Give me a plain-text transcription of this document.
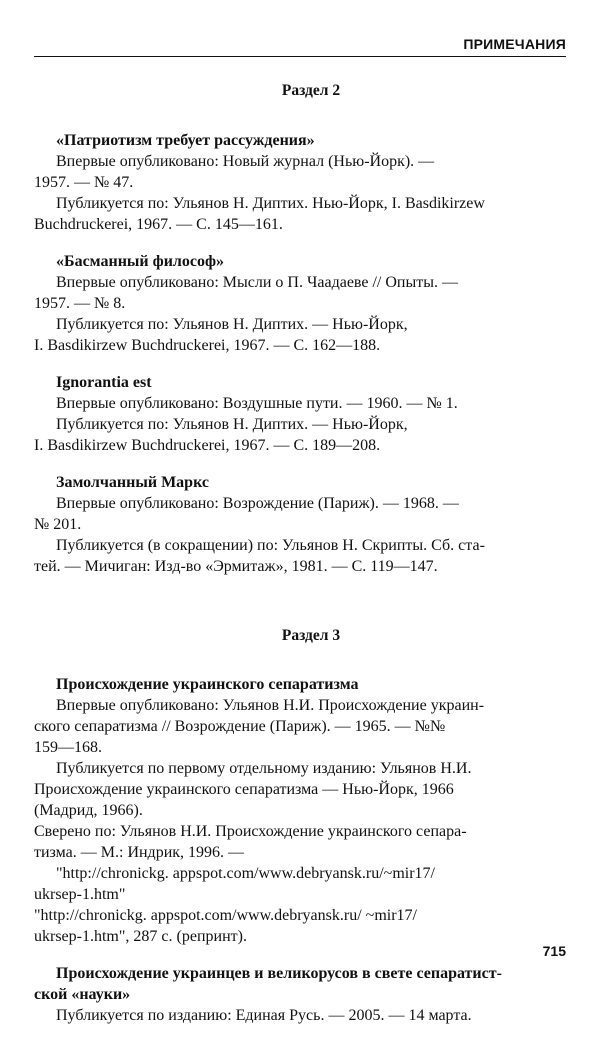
ПРИМЕЧАНИЯ
Раздел 2
«Патриотизм требует рассуждения»
Впервые опубликовано: Новый журнал (Нью-Йорк). —
1957. — № 47.
Публикуется по: Ульянов Н. Диптих. Нью-Йорк, I. Basdikirzew
Buchdruckerei, 1967. — С. 145—161.
«Басманный философ»
Впервые опубликовано: Мысли о П. Чаадаеве // Опыты. —
1957. — № 8.
Публикуется по: Ульянов Н. Диптих. — Нью-Йорк,
I. Basdikirzew Buchdruckerei, 1967. — С. 162—188.
Ignorantia est
Впервые опубликовано: Воздушные пути. — 1960. — № 1.
Публикуется по: Ульянов Н. Диптих. — Нью-Йорк,
I. Basdikirzew Buchdruckerei, 1967. — С. 189—208.
Замолчанный Маркс
Впервые опубликовано: Возрождение (Париж). — 1968. —
№ 201.
Публикуется (в сокращении) по: Ульянов Н. Скрипты. Сб. ста-
тей. — Мичиган: Изд-во «Эрмитаж», 1981. — С. 119—147.
Раздел 3
Происхождение украинского сепаратизма
Впервые опубликовано: Ульянов Н.И. Происхождение украин-
ского сепаратизма // Возрождение (Париж). — 1965. — №№
159—168.
Публикуется по первому отдельному изданию: Ульянов Н.И.
Происхождение украинского сепаратизма — Нью-Йорк, 1966
(Мадрид, 1966).
Сверено по: Ульянов Н.И. Происхождение украинского сепара-
тизма. — М.: Индрик, 1996. —
"http://chronickg. appspot.com/www.debryansk.ru/~mir17/
ukrsep-1.htm"
"http://chronickg. appspot.com/www.debryansk.ru/ ~mir17/
ukrsep-1.htm", 287 с. (репринт).
Происхождение украинцев и великорусов в свете сепаратист-
ской «науки»
Публикуется по изданию: Единая Русь. — 2005. — 14 марта.
715
